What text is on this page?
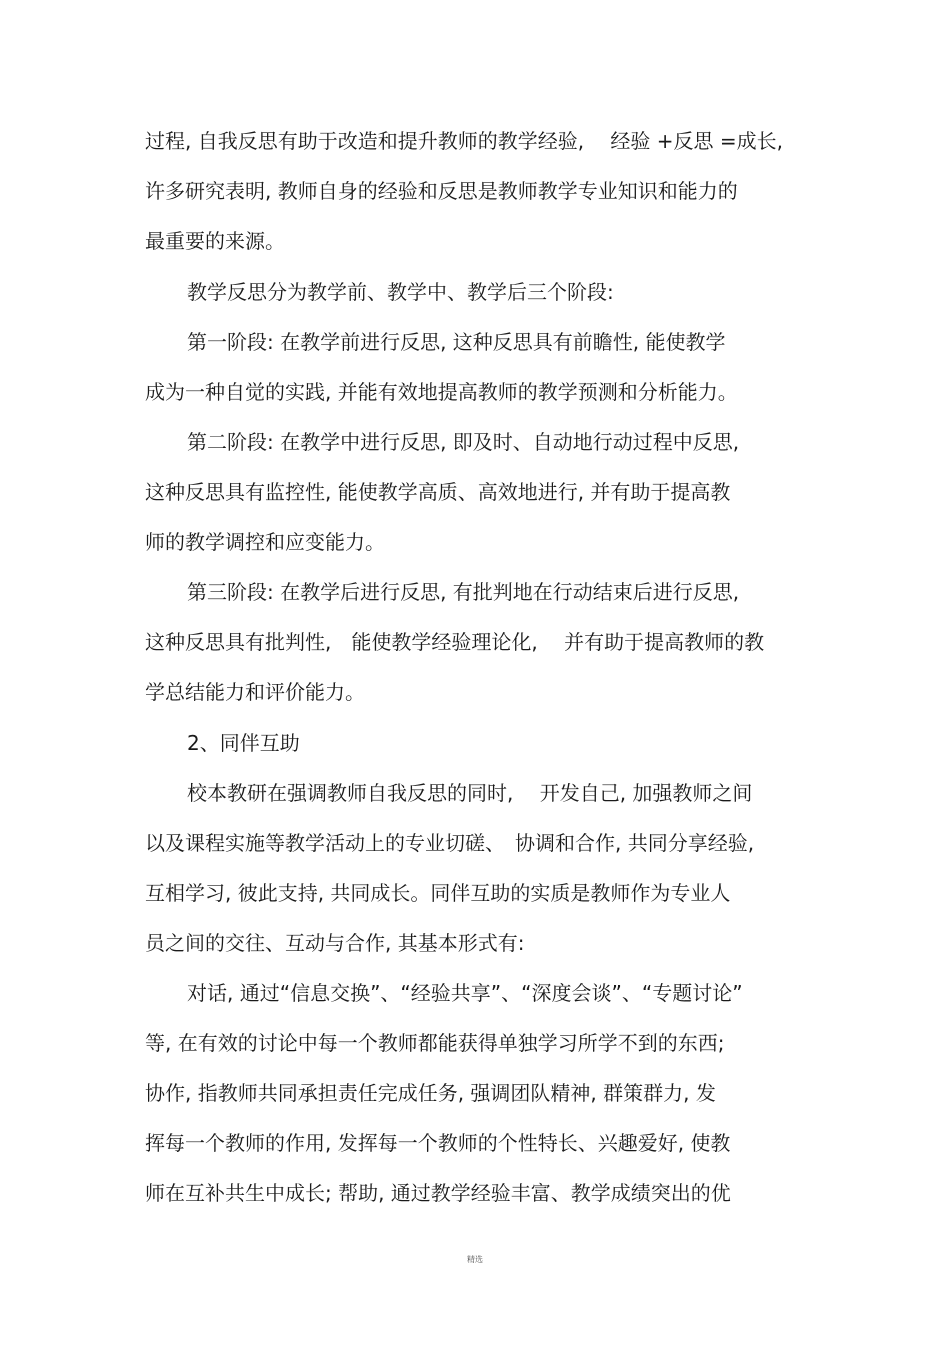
过程, 自我反思有助于改造和提升教师的教学经验,　 经验 +反思 =成长,
许多研究表明, 教师自身的经验和反思是教师教学专业知识和能力的
最重要的来源。
教学反思分为教学前、教学中、教学后三个阶段:
第一阶段: 在教学前进行反思, 这种反思具有前瞻性, 能使教学
成为一种自觉的实践, 并能有效地提高教师的教学预测和分析能力。
第二阶段: 在教学中进行反思, 即及时、自动地行动过程中反思,
这种反思具有监控性, 能使教学高质、高效地进行, 并有助于提高教
师的教学调控和应变能力。
第三阶段: 在教学后进行反思, 有批判地在行动结束后进行反思,
这种反思具有批判性,　能使教学经验理论化,　 并有助于提高教师的教
学总结能力和评价能力。
2、同伴互助
校本教研在强调教师自我反思的同时,　 开发自己, 加强教师之间
以及课程实施等教学活动上的专业切磋、　协调和合作, 共同分享经验,
互相学习, 彼此支持, 共同成长。同伴互助的实质是教师作为专业人
员之间的交往、互动与合作, 其基本形式有:
对话, 通过“信息交换”、“经验共享”、“深度会谈”、“专题讨论”
等, 在有效的讨论中每一个教师都能获得单独学习所学不到的东西;
协作, 指教师共同承担责任完成任务, 强调团队精神, 群策群力, 发
挥每一个教师的作用, 发挥每一个教师的个性特长、兴趣爱好, 使教
师在互补共生中成长; 帮助, 通过教学经验丰富、教学成绩突出的优
精选
